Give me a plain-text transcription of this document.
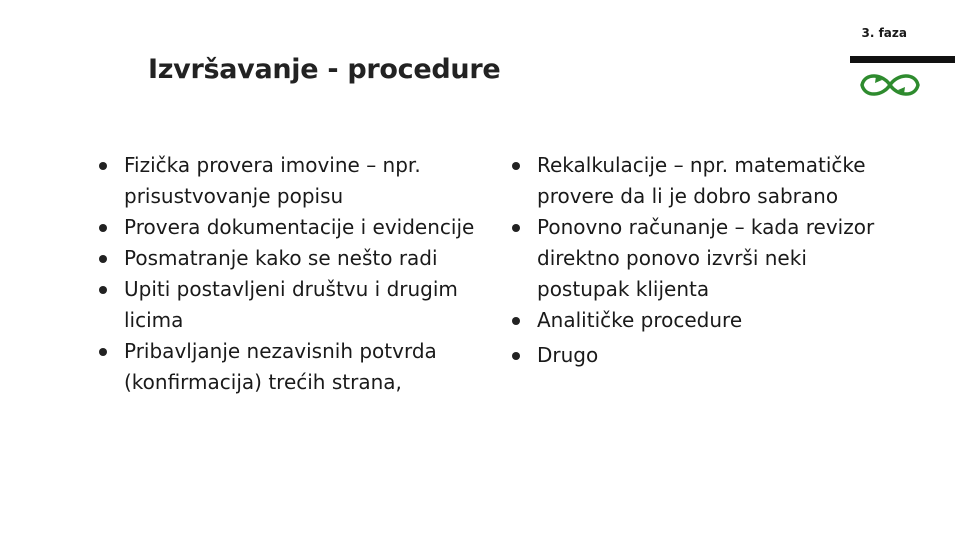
3. faza
Izvršavanje - procedure
Fizička provera imovine – npr. prisustvovanje popisu
Provera dokumentacije i evidencije
Posmatranje kako se nešto radi
Upiti postavljeni društvu i drugim licima
Pribavljanje nezavisnih potvrda (konfirmacija) trećih strana,
Rekalkulacije – npr. matematičke provere da li je dobro sabrano
Ponovno računanje – kada revizor direktno ponovo izvrši neki postupak klijenta
Analitičke procedure
Drugo
